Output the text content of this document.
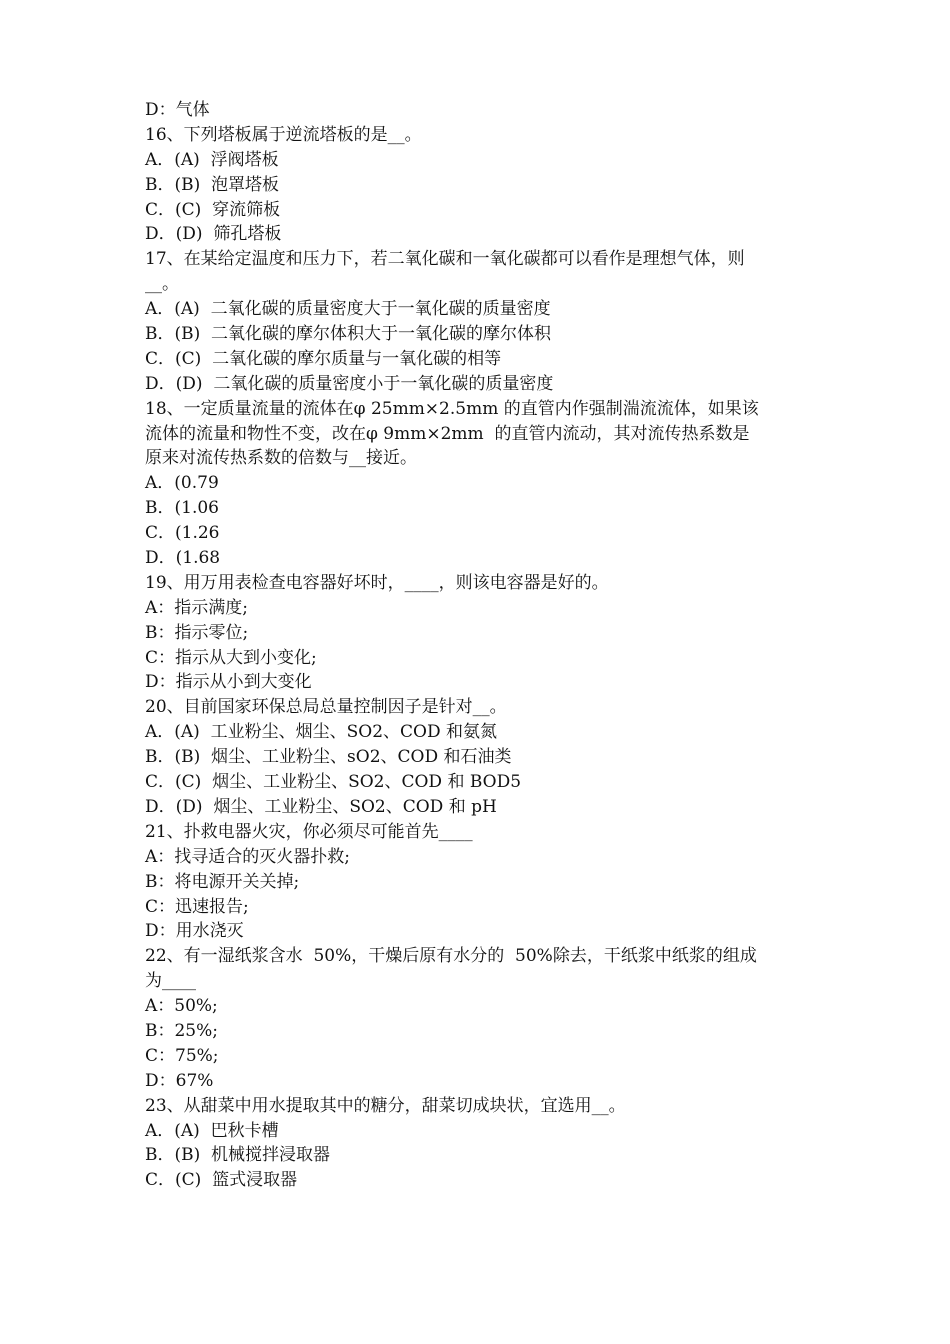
D：气体
16、下列塔板属于逆流塔板的是__。
A．(A)  浮阀塔板
B．(B)  泡罩塔板
C．(C)  穿流筛板
D．(D)  筛孔塔板
17、在某给定温度和压力下，若二氧化碳和一氧化碳都可以看作是理想气体，则
__。
A．(A)  二氧化碳的质量密度大于一氧化碳的质量密度
B．(B)  二氧化碳的摩尔体积大于一氧化碳的摩尔体积
C．(C)  二氧化碳的摩尔质量与一氧化碳的相等
D．(D)  二氧化碳的质量密度小于一氧化碳的质量密度
18、一定质量流量的流体在φ 25mm×2.5mm 的直管内作强制湍流流体，如果该
流体的流量和物性不变，改在φ 9mm×2mm  的直管内流动，其对流传热系数是
原来对流传热系数的倍数与__接近。
A．(0.79
B．(1.06
C．(1.26
D．(1.68
19、用万用表检查电容器好坏时，____，则该电容器是好的。
A：指示满度;
B：指示零位;
C：指示从大到小变化;
D：指示从小到大变化
20、目前国家环保总局总量控制因子是针对__。
A．(A)  工业粉尘、烟尘、SO2、COD 和氨氮
B．(B)  烟尘、工业粉尘、sO2、COD 和石油类
C．(C)  烟尘、工业粉尘、SO2、COD 和 BOD5
D．(D)  烟尘、工业粉尘、SO2、COD 和 pH
21、扑救电器火灾，你必须尽可能首先____
A：找寻适合的灭火器扑救;
B：将电源开关关掉;
C：迅速报告;
D：用水浇灭
22、有一湿纸浆含水  50%，干燥后原有水分的  50%除去，干纸浆中纸浆的组成
为____
A：50%;
B：25%;
C：75%;
D：67%
23、从甜菜中用水提取其中的糖分，甜菜切成块状，宜选用__。
A．(A)  巴秋卡槽
B．(B)  机械搅拌浸取器
C．(C)  篮式浸取器
